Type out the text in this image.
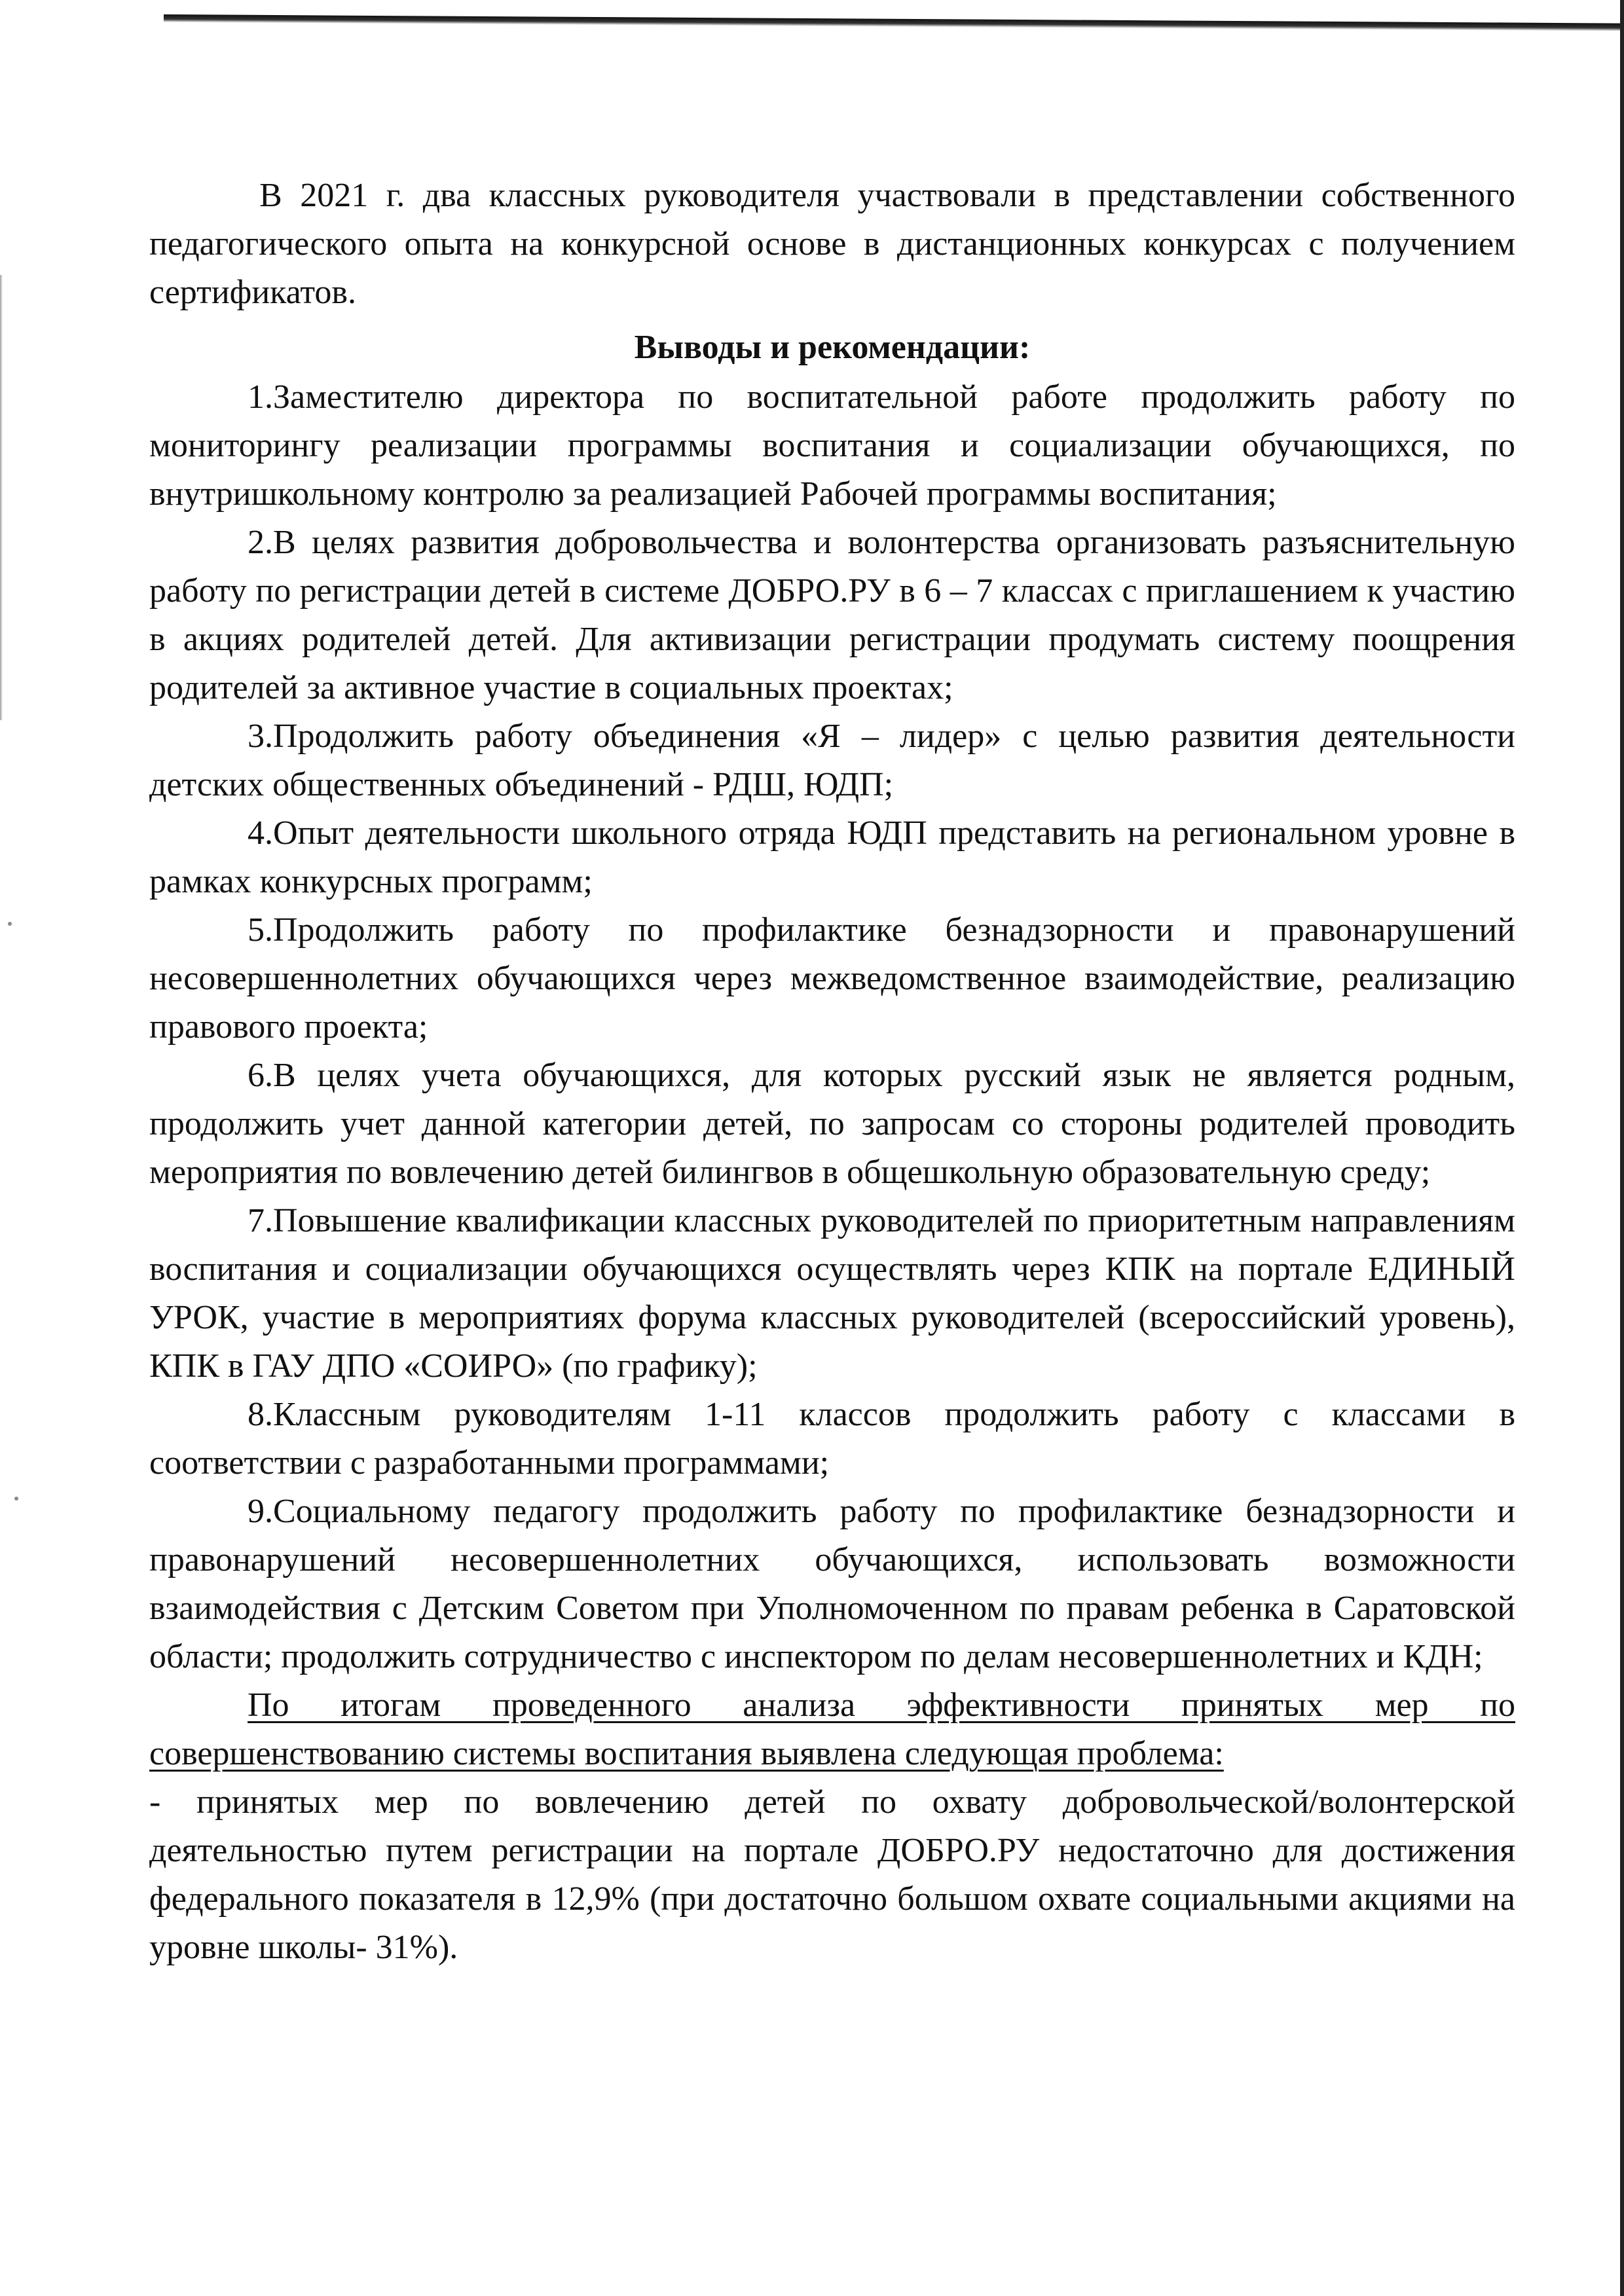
В 2021 г. два классных руководителя участвовали в представлении собственного педагогического опыта на конкурсной основе в дистанционных конкурсах с получением сертификатов.

Выводы и рекомендации:

1.Заместителю директора по воспитательной работе продолжить работу по мониторингу реализации программы воспитания и социализации обучающихся, по внутришкольному контролю за реализацией Рабочей программы воспитания;

2.В целях развития добровольчества и волонтерства организовать разъяснительную работу по регистрации детей в системе ДОБРО.РУ в 6 – 7 классах с приглашением к участию в акциях родителей детей. Для активизации регистрации продумать систему поощрения родителей за активное участие в социальных проектах;

3.Продолжить работу объединения «Я – лидер» с целью развития деятельности детских общественных объединений - РДШ, ЮДП;

4.Опыт деятельности школьного отряда ЮДП представить на региональном уровне в рамках конкурсных программ;

5.Продолжить работу по профилактике безнадзорности и правонарушений несовершеннолетних обучающихся через межведомственное взаимодействие, реализацию правового проекта;

6.В целях учета обучающихся, для которых русский язык не является родным, продолжить учет данной категории детей, по запросам со стороны родителей проводить мероприятия по вовлечению детей билингвов в общешкольную образовательную среду;

7.Повышение квалификации классных руководителей по приоритетным направлениям воспитания и социализации обучающихся осуществлять через КПК на портале ЕДИНЫЙ УРОК, участие в мероприятиях форума классных руководителей (всероссийский уровень), КПК в ГАУ ДПО «СОИРО» (по графику);

8.Классным руководителям 1-11 классов продолжить работу с классами в соответствии с разработанными программами;

9.Социальному педагогу продолжить работу по профилактике безнадзорности и правонарушений несовершеннолетних обучающихся, использовать возможности взаимодействия с Детским Советом при Уполномоченном по правам ребенка в Саратовской области; продолжить сотрудничество с инспектором по делам несовершеннолетних и КДН;

По итогам проведенного анализа эффективности принятых мер по совершенствованию системы воспитания выявлена следующая проблема:

- принятых мер по вовлечению детей по охвату добровольческой/волонтерской деятельностью путем регистрации на портале ДОБРО.РУ недостаточно для достижения федерального показателя в 12,9% (при достаточно большом охвате социальными акциями на уровне школы- 31%).
